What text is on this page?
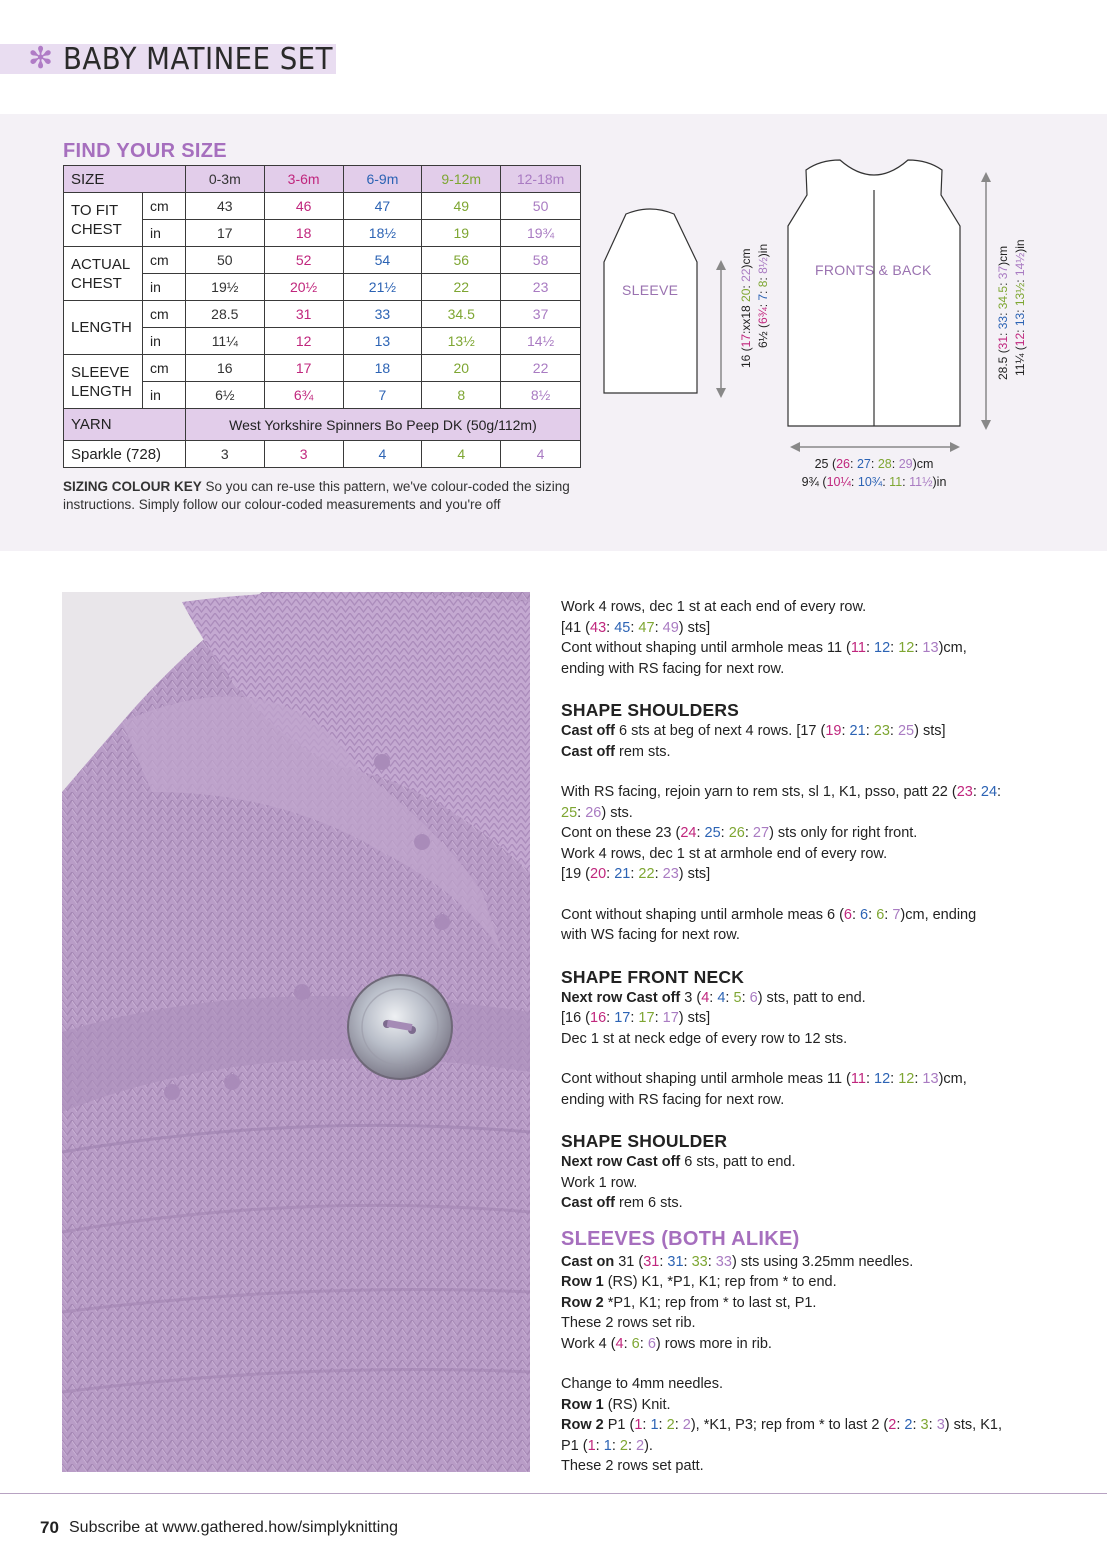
✻ BABY MATINEE SET
FIND YOUR SIZE
SIZE		0-3m	3-6m	6-9m	9-12m	12-18m
TO FIT
CHEST	cm	43	46	47	49	50
	in	17	18	18½	19	19¾
ACTUAL
CHEST	cm	50	52	54	56	58
	in	19½	20½	21½	22	23
LENGTH	cm	28.5	31	33	34.5	37
	in	11¼	12	13	13½	14½
SLEEVE
LENGTH	cm	16	17	18	20	22
	in	6½	6¾	7	8	8½
YARN		West Yorkshire Spinners Bo Peep DK (50g/112m)				
Sparkle (728)		3	3	4	4	4
SIZING COLOUR KEY So you can re-use this pattern, we've colour-coded the sizing instructions. Simply follow our colour-coded measurements and you're off
SLEEVE
FRONTS & BACK
16 (17:xx18 20: 22)cm
6½ (6¾: 7: 8: 8½)in
28.5 (31: 33: 34.5: 37)cm
11¼ (12: 13: 13½: 14½)in
25 (26: 27: 28: 29)cm
9¾ (10¼: 10¾: 11: 11½)in

Work 4 rows, dec 1 st at each end of every row.

[41 (43: 45: 47: 49) sts]

Cont without shaping until armhole meas 11 (11: 12: 12: 13)cm,

ending with RS facing for next row.

SHAPE SHOULDERS

Cast off 6 sts at beg of next 4 rows. [17 (19: 21: 23: 25) sts]

Cast off rem sts.

With RS facing, rejoin yarn to rem sts, sl 1, K1, psso, patt 22 (23: 24:

25: 26) sts.

Cont on these 23 (24: 25: 26: 27) sts only for right front.

Work 4 rows, dec 1 st at armhole end of every row.

[19 (20: 21: 22: 23) sts]

Cont without shaping until armhole meas 6 (6: 6: 6: 7)cm, ending

with WS facing for next row.

SHAPE FRONT NECK

Next row Cast off 3 (4: 4: 5: 6) sts, patt to end.

[16 (16: 17: 17: 17) sts]

Dec 1 st at neck edge of every row to 12 sts.

Cont without shaping until armhole meas 11 (11: 12: 12: 13)cm,

ending with RS facing for next row.

SHAPE SHOULDER

Next row Cast off 6 sts, patt to end.

Work 1 row.

Cast off rem 6 sts.

SLEEVES (BOTH ALIKE)

Cast on 31 (31: 31: 33: 33) sts using 3.25mm needles.

Row 1 (RS) K1, *P1, K1; rep from * to end.

Row 2 *P1, K1; rep from * to last st, P1.

These 2 rows set rib.

Work 4 (4: 6: 6) rows more in rib.

Change to 4mm needles.

Row 1 (RS) Knit.

Row 2 P1 (1: 1: 2: 2), *K1, P3; rep from * to last 2 (2: 2: 3: 3) sts, K1,

P1 (1: 1: 2: 2).

These 2 rows set patt.

70 Subscribe at www.gathered.how/simplyknitting
